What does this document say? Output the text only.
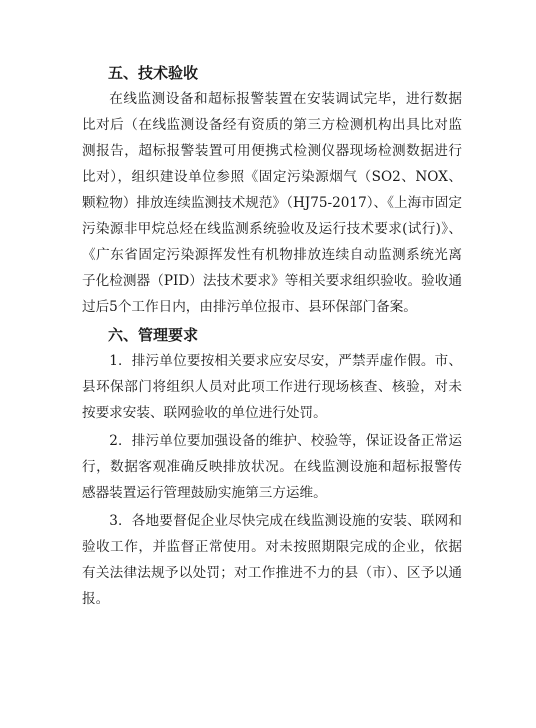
五、技术验收

在线监测设备和超标报警装置在安装调试完毕，进行数据比对后（在线监测设备经有资质的第三方检测机构出具比对监测报告，超标报警装置可用便携式检测仪器现场检测数据进行比对），组织建设单位参照《固定污染源烟气（SO2、NOX、颗粒物）排放连续监测技术规范》（HJ75-2017）、《上海市固定污染源非甲烷总烃在线监测系统验收及运行技术要求(试行)》、《广东省固定污染源挥发性有机物排放连续自动监测系统光离子化检测器（PID）法技术要求》等相关要求组织验收。验收通过后5个工作日内，由排污单位报市、县环保部门备案。

六、管理要求

1．排污单位要按相关要求应安尽安，严禁弄虚作假。市、县环保部门将组织人员对此项工作进行现场核查、核验，对未按要求安装、联网验收的单位进行处罚。

2．排污单位要加强设备的维护、校验等，保证设备正常运行，数据客观准确反映排放状况。在线监测设施和超标报警传感器装置运行管理鼓励实施第三方运维。

3．各地要督促企业尽快完成在线监测设施的安装、联网和验收工作，并监督正常使用。对未按照期限完成的企业，依据有关法律法规予以处罚；对工作推进不力的县（市）、区予以通报。
